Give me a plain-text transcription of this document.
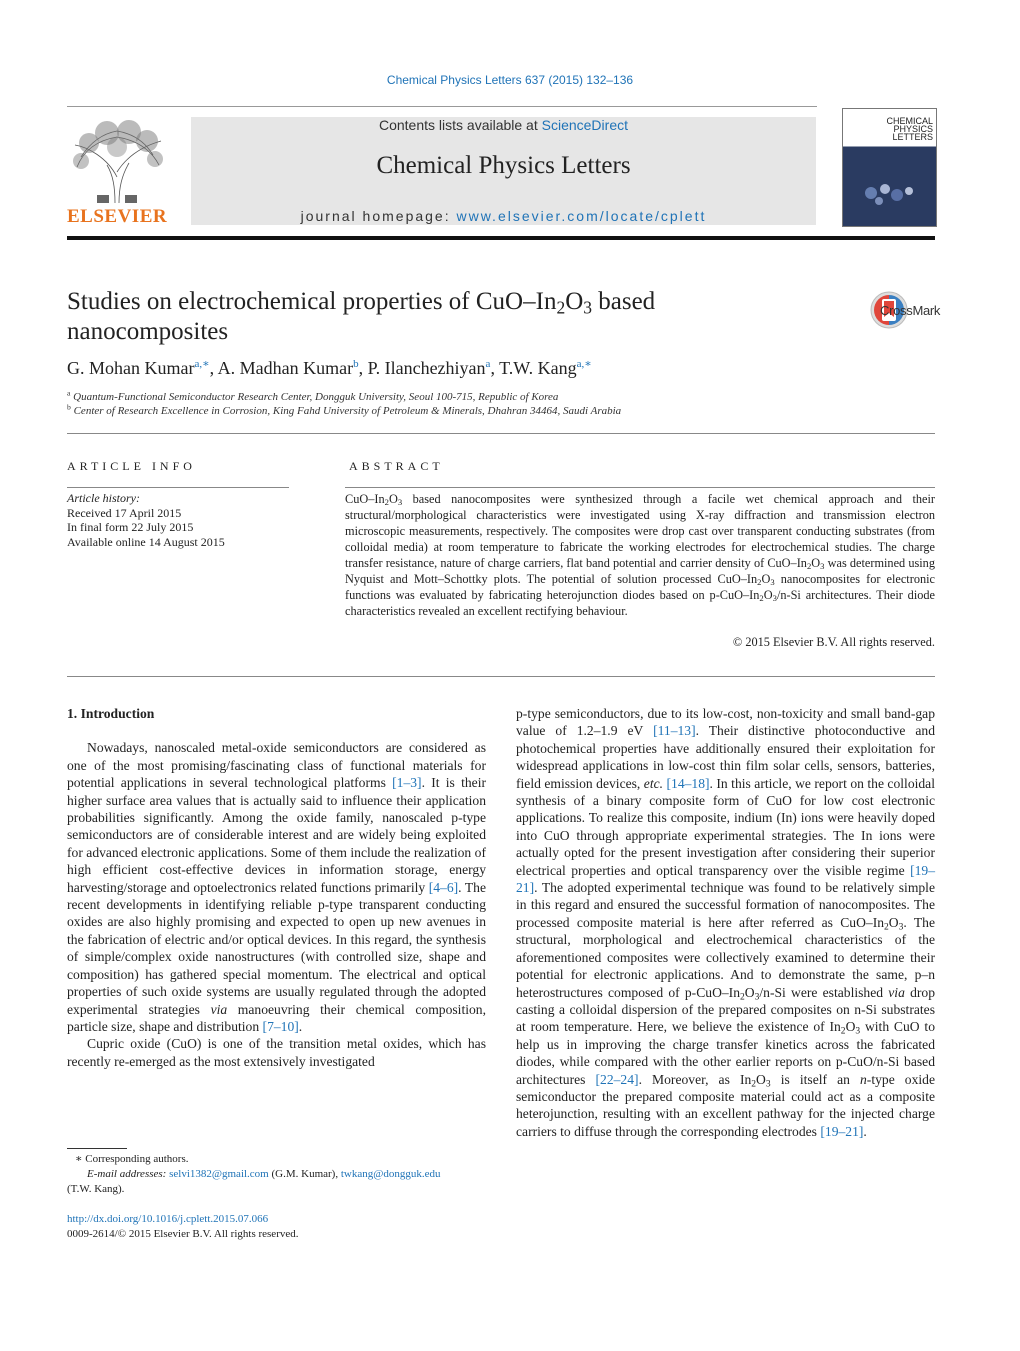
Chemical Physics Letters 637 (2015) 132–136
ELSEVIER
Contents lists available at ScienceDirect
Chemical Physics Letters
journal homepage: www.elsevier.com/locate/cplett
CHEMICAL
PHYSICS
LETTERS
Studies on electrochemical properties of CuO–$In_2O_3$ based
nanocomposites
CrossMark
G. Mohan Kumar$^{a,∗}$, A. Madhan Kumar$^b$, P. Ilanchezhiyan$^a$, T.W. Kang$^{a,∗}$
$^a$ Quantum-Functional Semiconductor Research Center, Dongguk University, Seoul 100-715, Republic of Korea
$^b$ Center of Research Excellence in Corrosion, King Fahd University of Petroleum & Minerals, Dhahran 34464, Saudi Arabia
ARTICLE INFO
Article history:
Received 17 April 2015
In final form 22 July 2015
Available online 14 August 2015
ABSTRACT
CuO–$In_2O_3$ based nanocomposites were synthesized through a facile wet chemical approach and their structural/morphological characteristics were investigated using X-ray diffraction and transmission electron microscopic measurements, respectively. The composites were drop cast over transparent conducting substrates (from colloidal media) at room temperature to fabricate the working electrodes for electrochemical studies. The charge transfer resistance, nature of charge carriers, flat band potential and carrier density of CuO–$In_2O_3$ was determined using Nyquist and Mott–Schottky plots. The potential of solution processed CuO–$In_2O_3$ nanocomposites for electronic functions was evaluated by fabricating heterojunction diodes based on $p-CuO-In_2O_3/n-Si$ architectures. Their diode characteristics revealed an excellent rectifying behaviour.
© 2015 Elsevier B.V. All rights reserved.
1. Introduction

Nowadays, nanoscaled metal-oxide semiconductors are considered as one of the most promising/fascinating class of functional materials for potential applications in several technological platforms [1–3]. It is their higher surface area values that is actually said to influence their application probabilities significantly. Among the oxide family, nanoscaled p-type semiconductors are of considerable interest and are widely being exploited for advanced electronic applications. Some of them include the realization of high efficient cost-effective devices in information storage, energy harvesting/storage and optoelectronics related functions primarily [4–6]. The recent developments in identifying reliable p-type transparent conducting oxides are also highly promising and expected to open up new avenues in the fabrication of electric and/or optical devices. In this regard, the synthesis of simple/complex oxide nanostructures (with controlled size, shape and composition) has gathered special momentum. The electrical and optical properties of such oxide systems are usually regulated through the adopted experimental strategies via manoeuvring their chemical composition, particle size, shape and distribution [7–10].

Cupric oxide (CuO) is one of the transition metal oxides, which has recently re-emerged as the most extensively investigated

p-type semiconductors, due to its low-cost, non-toxicity and small band-gap value of 1.2–1.9 eV [11–13]. Their distinctive photoconductive and photochemical properties have additionally ensured their exploitation for widespread applications in low-cost thin film solar cells, sensors, batteries, field emission devices, etc. [14–18]. In this article, we report on the colloidal synthesis of a binary composite form of CuO for low cost electronic applications. To realize this composite, indium (In) ions were heavily doped into CuO through appropriate experimental strategies. The In ions were actually opted for the present investigation after considering their superior electrical properties and optical transparency over the visible regime [19–21]. The adopted experimental technique was found to be relatively simple in this regard and ensured the successful formation of nanocomposites. The processed composite material is here after referred as CuO–$In_2O_3$. The structural, morphological and electrochemical characteristics of the aforementioned composites were collectively examined to determine their potential for electronic applications. And to demonstrate the same, p–n heterostructures composed of $p-CuO-In_2O_3/n-Si$ were established via drop casting a colloidal dispersion of the prepared composites on n-Si substrates at room temperature. Here, we believe the existence of $In_2O_3$ with CuO to help us in improving the charge transfer kinetics across the fabricated diodes, while compared with the other earlier reports on p-CuO/n-Si based architectures [22–24]. Moreover, as $In_2O_3$ is itself an n-type oxide semiconductor the prepared composite material could act as a composite heterojunction, resulting with an excellent pathway for the injected charge carriers to diffuse through the corresponding electrodes [19–21].

∗ Corresponding authors.
E-mail addresses: selvi1382@gmail.com (G.M. Kumar), twkang@dongguk.edu
(T.W. Kang).
http://dx.doi.org/10.1016/j.cplett.2015.07.066
0009-2614/© 2015 Elsevier B.V. All rights reserved.
